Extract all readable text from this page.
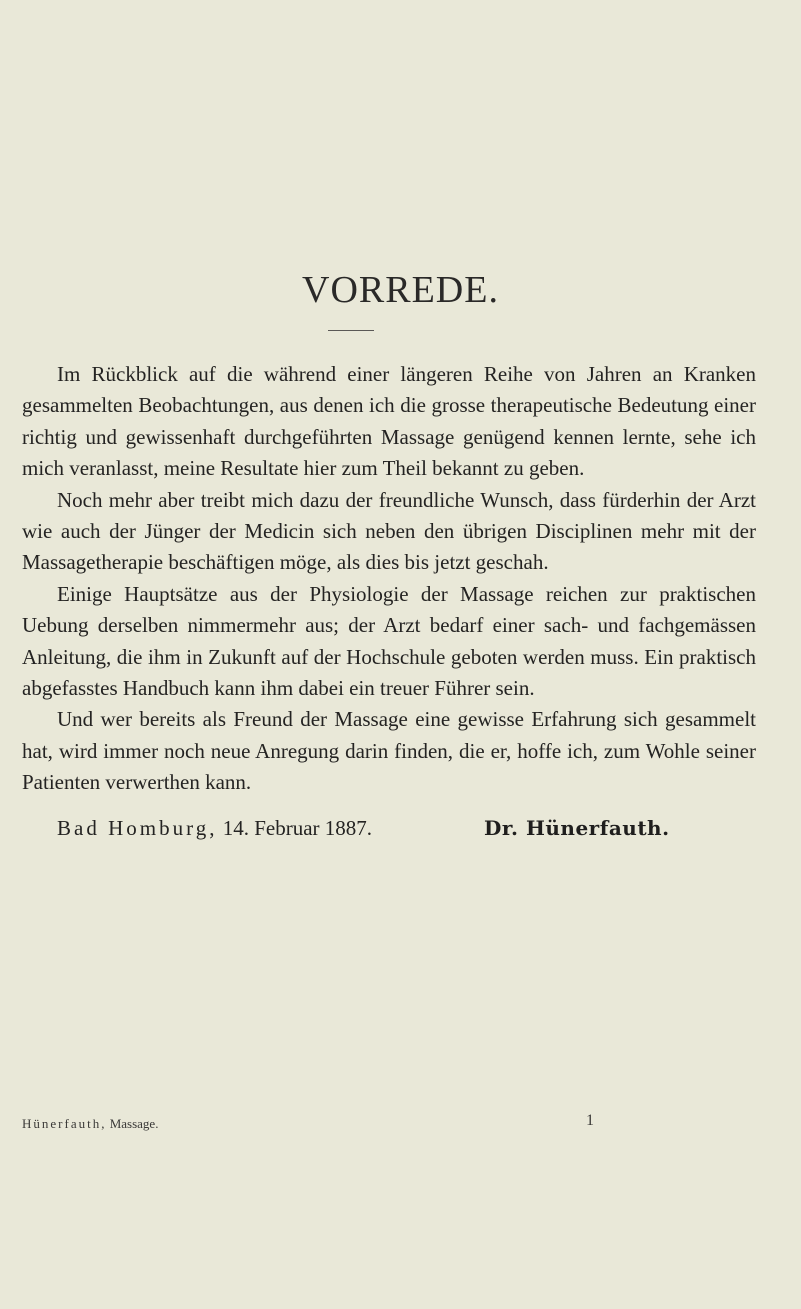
VORREDE.

Im Rückblick auf die während einer längeren Reihe von Jahren an Kranken gesammelten Beobachtungen, aus denen ich die grosse therapeutische Bedeutung einer richtig und gewissenhaft durchgeführten Massage genügend kennen lernte, sehe ich mich veranlasst, meine Resultate hier zum Theil bekannt zu geben.

Noch mehr aber treibt mich dazu der freundliche Wunsch, dass fürderhin der Arzt wie auch der Jünger der Medicin sich neben den übrigen Disciplinen mehr mit der Massagetherapie beschäftigen möge, als dies bis jetzt geschah.

Einige Hauptsätze aus der Physiologie der Massage reichen zur praktischen Uebung derselben nimmermehr aus; der Arzt bedarf einer sach- und fachgemässen Anleitung, die ihm in Zukunft auf der Hochschule geboten werden muss. Ein praktisch abgefasstes Handbuch kann ihm dabei ein treuer Führer sein.

Und wer bereits als Freund der Massage eine gewisse Erfahrung sich gesammelt hat, wird immer noch neue Anregung darin finden, die er, hoffe ich, zum Wohle seiner Patienten verwerthen kann.

Bad Homburg, 14. Februar 1887.	Dr. Hünerfauth.
Hünerfauth, Massage.	1
